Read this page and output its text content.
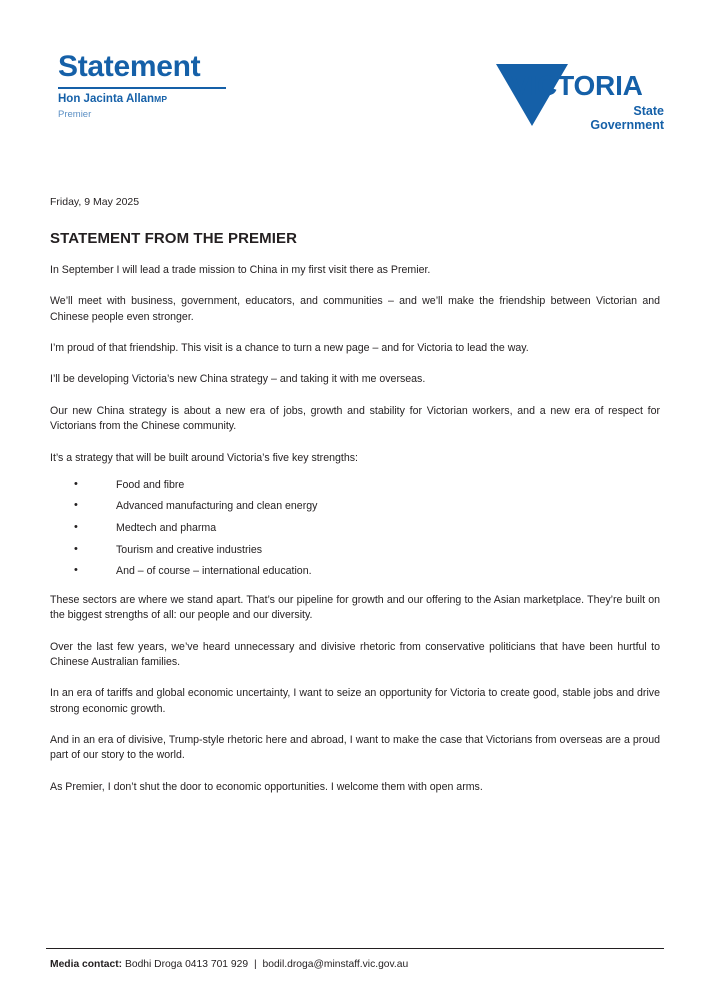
Statement
Hon Jacinta AllanMP
Premier
VICTORIA
State
Government
Friday, 9 May 2025
STATEMENT FROM THE PREMIER

In September I will lead a trade mission to China in my first visit there as Premier.

We’ll meet with business, government, educators, and communities – and we’ll make the friendship between Victorian and Chinese people even stronger.

I’m proud of that friendship. This visit is a chance to turn a new page – and for Victoria to lead the way.

I’ll be developing Victoria’s new China strategy – and taking it with me overseas.

Our new China strategy is about a new era of jobs, growth and stability for Victorian workers, and a new era of respect for Victorians from the Chinese community.

It’s a strategy that will be built around Victoria’s five key strengths:

• Food and fibre
• Advanced manufacturing and clean energy
• Medtech and pharma
• Tourism and creative industries
• And – of course – international education.

These sectors are where we stand apart. That’s our pipeline for growth and our offering to the Asian marketplace. They’re built on the biggest strengths of all: our people and our diversity.

Over the last few years, we’ve heard unnecessary and divisive rhetoric from conservative politicians that have been hurtful to Chinese Australian families.

In an era of tariffs and global economic uncertainty, I want to seize an opportunity for Victoria to create good, stable jobs and drive strong economic growth.

And in an era of divisive, Trump-style rhetoric here and abroad, I want to make the case that Victorians from overseas are a proud part of our story to the world.

As Premier, I don’t shut the door to economic opportunities. I welcome them with open arms.

Media contact: Bodhi Droga 0413 701 929 | bodil.droga@minstaff.vic.gov.au
